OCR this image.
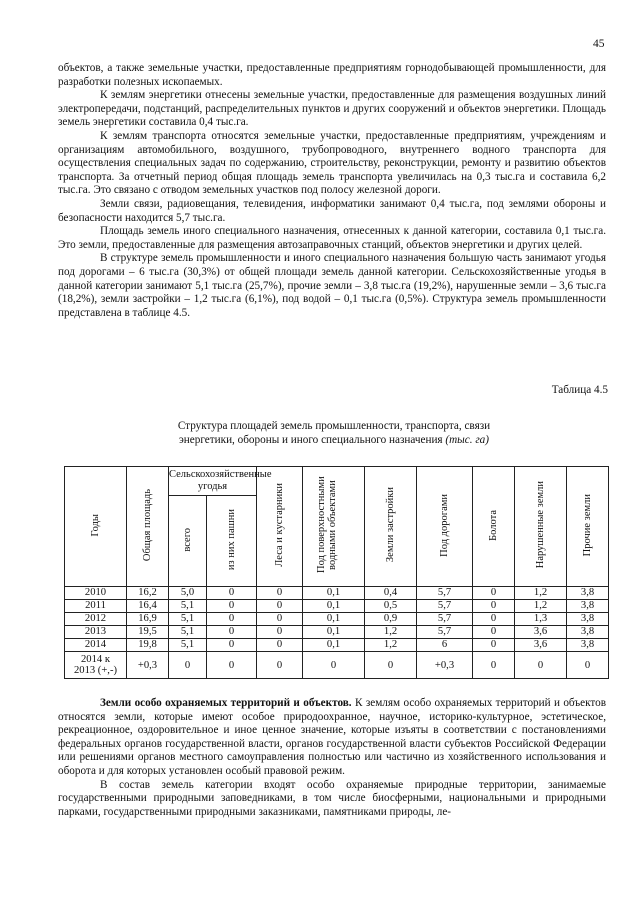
45

объектов, а также земельные участки, предоставленные предприятиям горнодобывающей промышленности, для разработки полезных ископаемых.

К землям энергетики отнесены земельные участки, предоставленные для размещения воздушных линий электропередачи, подстанций, распределительных пунктов и других сооружений и объектов энергетики. Площадь земель энергетики составила 0,4 тыс.га.

К землям транспорта относятся земельные участки, предоставленные предприятиям, учреждениям и организациям автомобильного, воздушного, трубопроводного, внутреннего водного транспорта для осуществления специальных задач по содержанию, строительству, реконструкции, ремонту и развитию объектов транспорта. За отчетный период общая площадь земель транспорта увеличилась на 0,3 тыс.га и составила 6,2 тыс.га. Это связано с отводом земельных участков под полосу железной дороги.

Земли связи, радиовещания, телевидения, информатики занимают 0,4 тыс.га, под землями обороны и безопасности находится 5,7 тыс.га.

Площадь земель иного специального назначения, отнесенных к данной категории, составила 0,1 тыс.га. Это земли, предоставленные для размещения автозаправочных станций, объектов энергетики и других целей.

В структуре земель промышленности и иного специального назначения большую часть занимают угодья под дорогами – 6 тыс.га (30,3%) от общей площади земель данной категории. Сельскохозяйственные угодья в данной категории занимают 5,1 тыс.га (25,7%), прочие земли – 3,8 тыс.га (19,2%), нарушенные земли – 3,6 тыс.га (18,2%), земли застройки – 1,2 тыс.га (6,1%), под водой – 0,1 тыс.га (0,5%). Структура земель промышленности представлена в таблице 4.5.

Таблица 4.5
Структура площадей земель промышленности, транспорта, связи
энергетики, обороны и иного специального назначения (тыс. га)
Годы	Общая площадь	Сельскохозяйственные угодья		Леса и кустарники	Под поверхностными водными объектами	Земли застройки	Под дорогами	Болота	Нарушенные земли	Прочие земли
		всего	из них пашни							
2010	16,2	5,0	0	0	0,1	0,4	5,7	0	1,2	3,8
2011	16,4	5,1	0	0	0,1	0,5	5,7	0	1,2	3,8
2012	16,9	5,1	0	0	0,1	0,9	5,7	0	1,3	3,8
2013	19,5	5,1	0	0	0,1	1,2	5,7	0	3,6	3,8
2014	19,8	5,1	0	0	0,1	1,2	6	0	3,6	3,8

2014 к
2013 (+,-)	+0,3	0	0	0	0	0	+0,3	0	0	0

Земли особо охраняемых территорий и объектов. К землям особо охраняемых территорий и объектов относятся земли, которые имеют особое природоохранное, научное, историко-культурное, эстетическое, рекреационное, оздоровительное и иное ценное значение, которые изъяты в соответствии с постановлениями федеральных органов государственной власти, органов государственной власти субъектов Российской Федерации или решениями органов местного самоуправления полностью или частично из хозяйственного использования и оборота и для которых установлен особый правовой режим.

В состав земель категории входят особо охраняемые природные территории, занимаемые государственными природными заповедниками, в том числе биосферными, национальными и природными парками, государственными природными заказниками, памятниками природы, ле-
